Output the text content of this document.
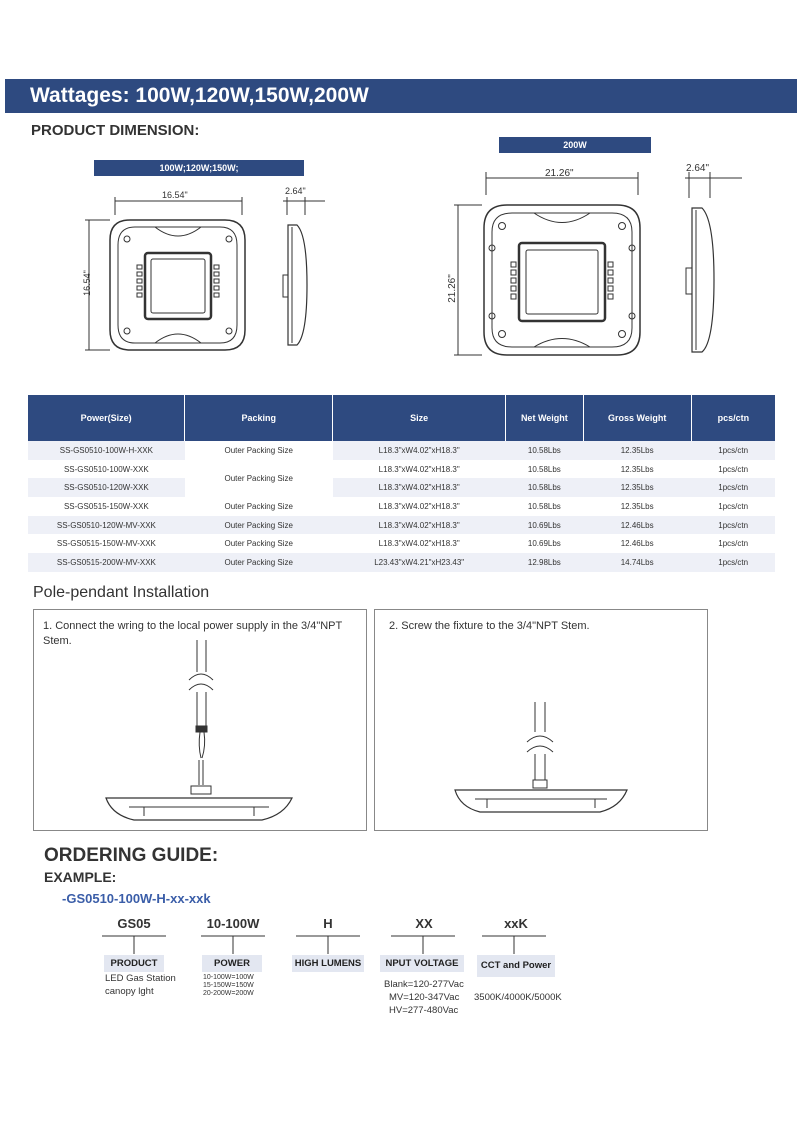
Wattages: 100W,120W,150W,200W
PRODUCT DIMENSION:
100W;120W;150W;
16.54"	2.64"
16.54"
200W
21.26"	2.64"
21.26"
Power(Size)	Packing	Size	Net Weight	Gross Weight	pcs/ctn
SS-GS0510-100W-H-XXK	Outer Packing Size	L18.3"xW4.02"xH18.3"	10.58Lbs	12.35Lbs	1pcs/ctn
SS-GS0510-100W-XXK	Outer Packing Size	L18.3"xW4.02"xH18.3"	10.58Lbs	12.35Lbs	1pcs/ctn
SS-GS0510-120W-XXK		L18.3"xW4.02"xH18.3"	10.58Lbs	12.35Lbs	1pcs/ctn
SS-GS0515-150W-XXK	Outer Packing Size	L18.3"xW4.02"xH18.3"	10.58Lbs	12.35Lbs	1pcs/ctn
SS-GS0510-120W-MV-XXK	Outer Packing Size	L18.3"xW4.02"xH18.3"	10.69Lbs	12.46Lbs	1pcs/ctn
SS-GS0515-150W-MV-XXK	Outer Packing Size	L18.3"xW4.02"xH18.3"	10.69Lbs	12.46Lbs	1pcs/ctn
SS-GS0515-200W-MV-XXK	Outer Packing Size	L23.43"xW4.21"xH23.43"	12.98Lbs	14.74Lbs	1pcs/ctn
Pole-pendant Installation
1. Connect the wring to the local power supply in the 3/4"NPT Stem.
2. Screw the fixture to the 3/4"NPT Stem.
ORDERING GUIDE:
EXAMPLE:
-GS0510-100W-H-xx-xxk
GS05
PRODUCT
LED Gas Station
canopy lght
10-100W
POWER
10-100W=100W
15-150W=150W
20-200W=200W
H
HIGH LUMENS
XX
NPUT VOLTAGE
Blank=120-277Vac
MV=120-347Vac
HV=277-480Vac
xxK
CCT and Power
3500K/4000K/5000K
